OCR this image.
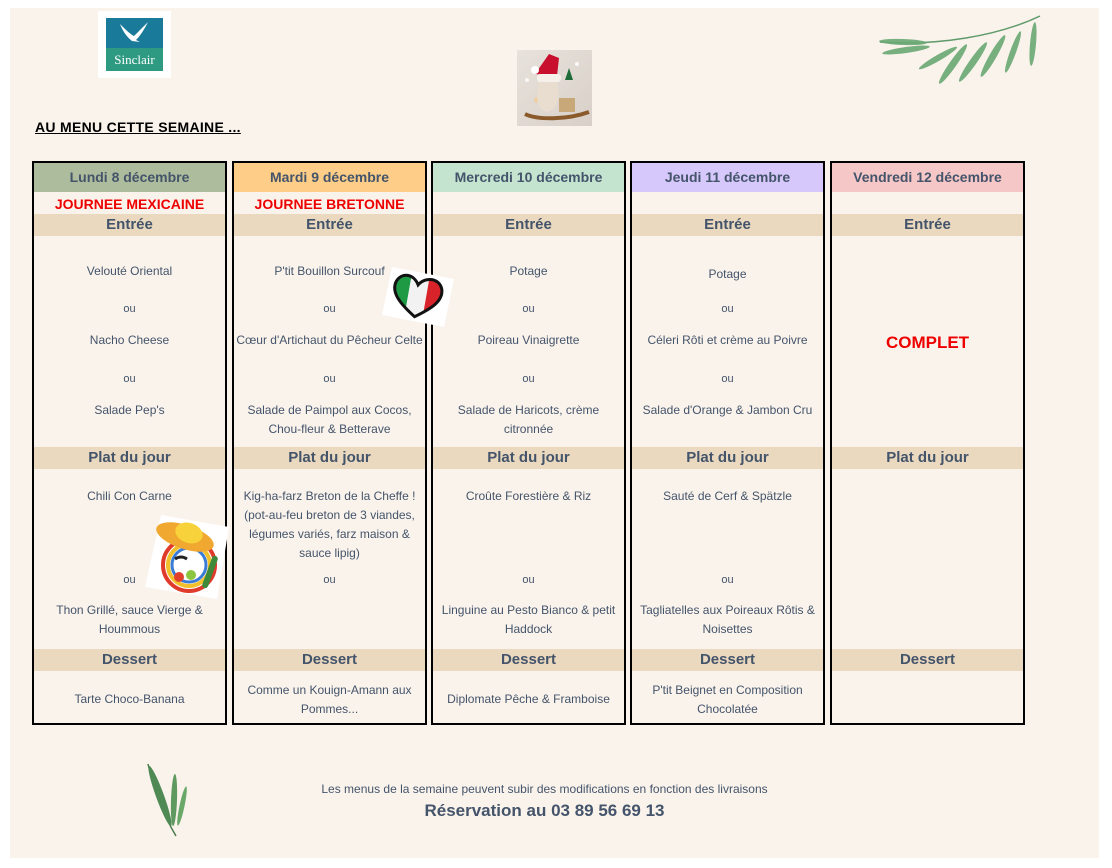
Sinclair
AU MENU CETTE SEMAINE ...
Lundi 8 décembre
JOURNEE MEXICAINE
Entrée
Velouté Oriental
ou
Nacho Cheese
ou
Salade Pep's
Plat du jour
Chili Con Carne
ou
Thon Grillé, sauce Vierge & Hoummous
Dessert
Tarte Choco-Banana
Mardi 9 décembre
JOURNEE BRETONNE
Entrée
P'tit Bouillon Surcouf
ou
Cœur d'Artichaut du Pêcheur Celte
ou
Salade de Paimpol aux Cocos, Chou-fleur & Betterave
Plat du jour
Kig-ha-farz Breton de la Cheffe ! (pot-au-feu breton de 3 viandes, légumes variés, farz maison & sauce lipig)
ou
Dessert
Comme un Kouign-Amann aux Pommes...
Mercredi 10 décembre
Entrée
Potage
ou
Poireau Vinaigrette
ou
Salade de Haricots, crème citronnée
Plat du jour
Croûte Forestière & Riz
ou
Linguine au Pesto Bianco & petit Haddock
Dessert
Diplomate Pêche & Framboise
Jeudi 11 décembre
Entrée
Potage
ou
Céleri Rôti et crème au Poivre
ou
Salade d'Orange & Jambon Cru
Plat du jour
Sauté de Cerf & Spätzle
ou
Tagliatelles aux Poireaux Rôtis & Noisettes
Dessert
P'tit Beignet en Composition Chocolatée
Vendredi 12 décembre
Entrée
COMPLET
Plat du jour
Dessert
Les menus de la semaine peuvent subir des modifications en fonction des livraisons
Réservation au 03 89 56 69 13
